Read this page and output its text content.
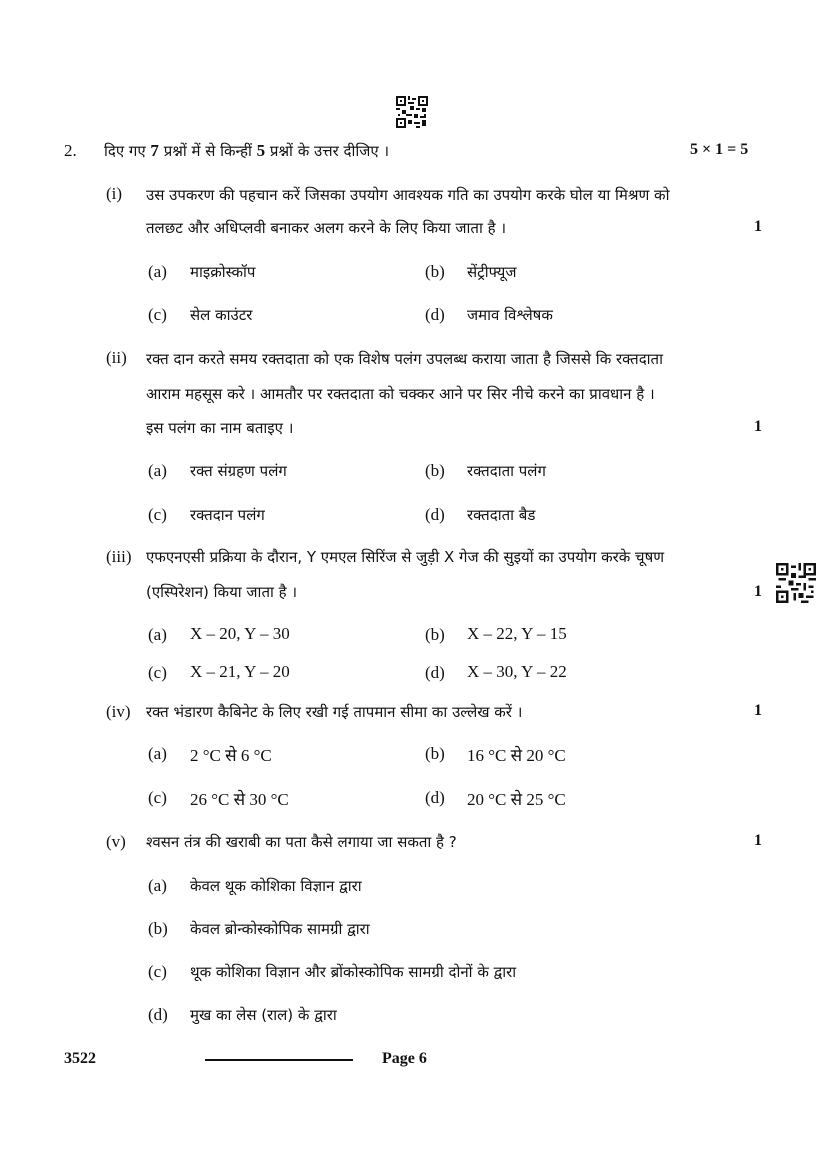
2. दिए गए 7 प्रश्नों में से किन्हीं 5 प्रश्नों के उत्तर दीजिए ।	5 × 1 = 5
(i) उस उपकरण की पहचान करें जिसका उपयोग आवश्यक गति का उपयोग करके घोल या मिश्रण को
तलछट और अधिप्लवी बनाकर अलग करने के लिए किया जाता है ।	1
(a) माइक्रोस्कॉप	(b) सेंट्रीफ्यूज
(c) सेल काउंटर	(d) जमाव विश्लेषक
(ii) रक्त दान करते समय रक्तदाता को एक विशेष पलंग उपलब्ध कराया जाता है जिससे कि रक्तदाता
आराम महसूस करे । आमतौर पर रक्तदाता को चक्कर आने पर सिर नीचे करने का प्रावधान है ।
इस पलंग का नाम बताइए ।	1
(a) रक्त संग्रहण पलंग	(b) रक्तदाता पलंग
(c) रक्तदान पलंग	(d) रक्तदाता बैड
(iii) एफएनएसी प्रक्रिया के दौरान, Y एमएल सिरिंज से जुड़ी X गेज की सुइयों का उपयोग करके चूषण
(एस्पिरेशन) किया जाता है ।	1
(a) X – 20, Y – 30	(b) X – 22, Y – 15
(c) X – 21, Y – 20	(d) X – 30, Y – 22
(iv) रक्त भंडारण कैबिनेट के लिए रखी गई तापमान सीमा का उल्लेख करें ।	1
(a) 2 °C से 6 °C	(b) 16 °C से 20 °C
(c) 26 °C से 30 °C	(d) 20 °C से 25 °C
(v) श्वसन तंत्र की खराबी का पता कैसे लगाया जा सकता है ?	1
(a) केवल थूक कोशिका विज्ञान द्वारा
(b) केवल ब्रोन्कोस्कोपिक सामग्री द्वारा
(c) थूक कोशिका विज्ञान और ब्रोंकोस्कोपिक सामग्री दोनों के द्वारा
(d) मुख का लेस (राल) के द्वारा
3522	Page 6
